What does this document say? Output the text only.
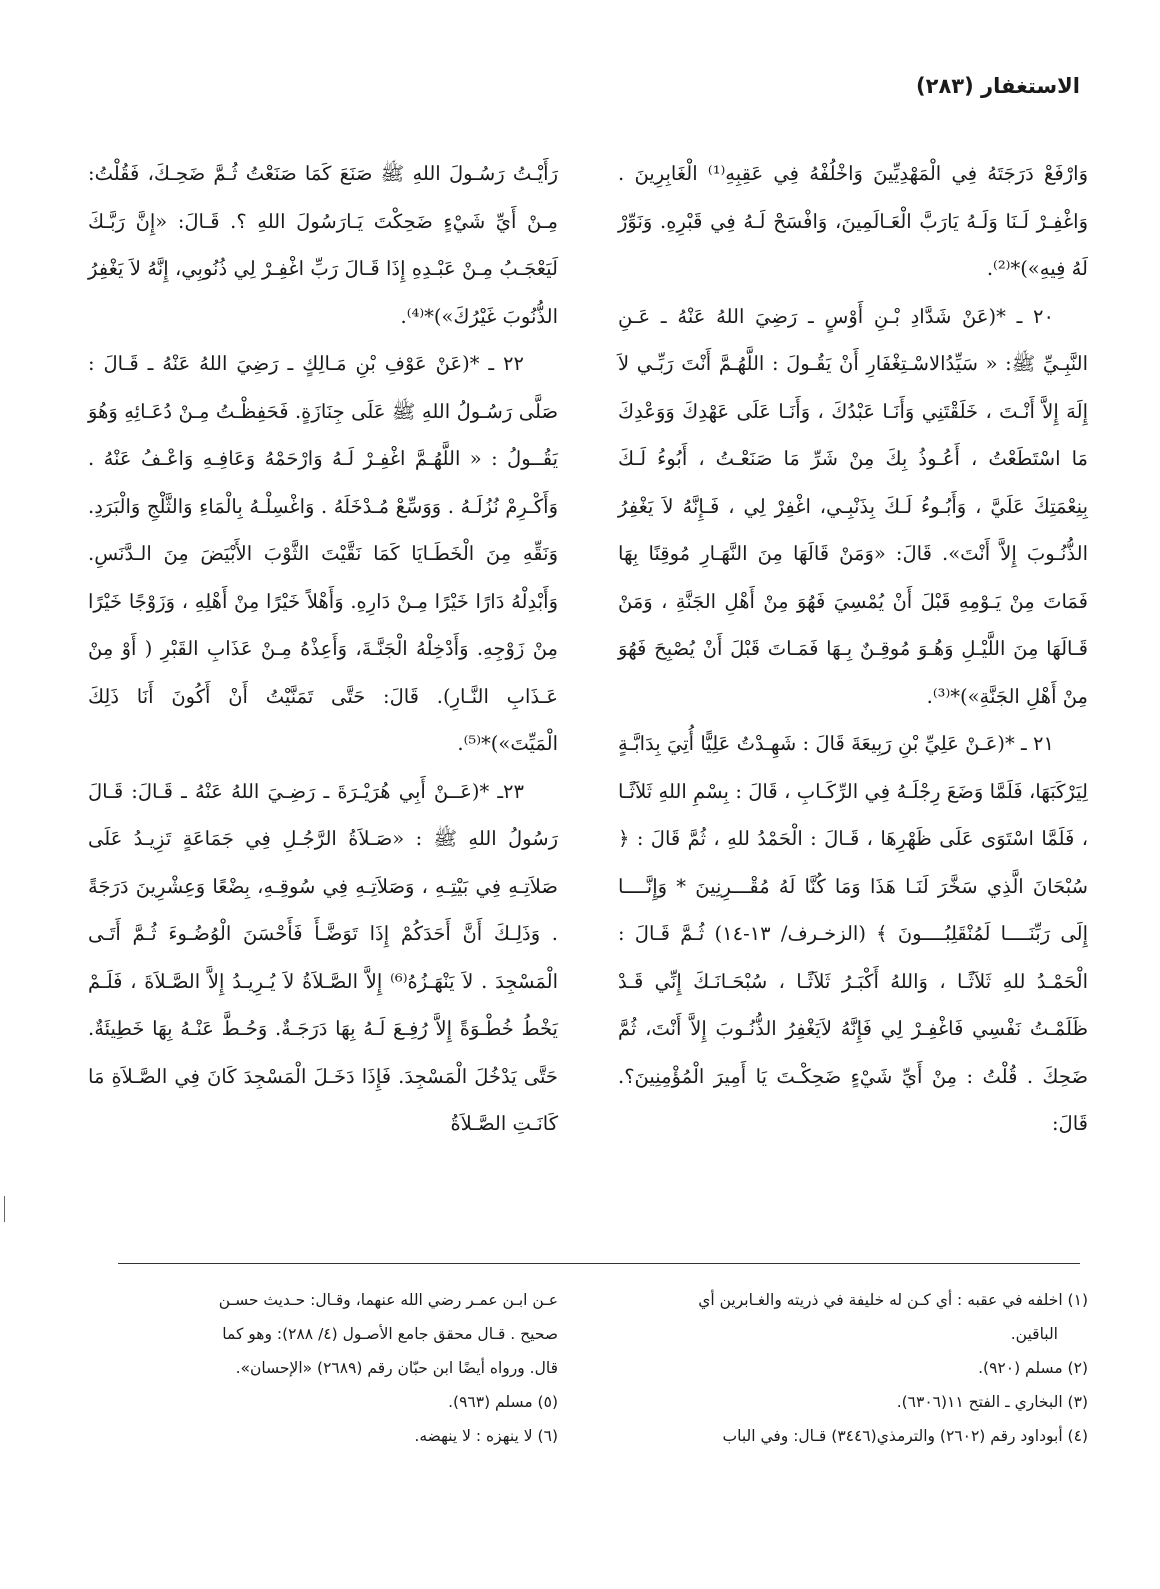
الاستغفار (٢٨٣)

وَارْفَعْ دَرَجَتَهُ فِي الْمَهْدِيِّينَ وَاخْلُفْهُ فِي عَقِبِهِ⁽¹⁾ الْغَابِرِينَ . وَاغْفِـرْ لَـنَا وَلَـهُ يَارَبَّ الْعَـالَمِينَ، وَافْسَحْ لَـهُ فِي قَبْرِهِ. وَنَوِّرْ لَهُ فِيهِ»)*⁽²⁾.

٢٠ ـ *(عَنْ شَدَّادِ بْـنِ أَوْسٍ ـ رَضِيَ اللهُ عَنْهُ ـ عَـنِ النَّبِـيِّ ﷺ: « سَيِّدُالاسْـتِغْفَارِ أَنْ يَقُـولَ : اللَّهُـمَّ أَنْتَ رَبِّـي لاَ إِلَهَ إِلاَّ أَنْـتَ ، خَلَقْتَنِي وَأَنَـا عَبْدُكَ ، وَأَنَـا عَلَى عَهْدِكَ وَوَعْدِكَ مَا اسْتَطَعْتُ ، أَعُـوذُ بِكَ مِنْ شَرِّ مَا صَنَعْـتُ ، أَبُوءُ لَـكَ بِنِعْمَتِكَ عَلَيَّ ، وَأَبُـوءُ لَـكَ بِذَنْبِـي، اغْفِرْ لِي ، فَـإِنَّهُ لاَ يَغْفِرُ الذُّنُـوبَ إِلاَّ أَنْتَ». قَالَ: «وَمَنْ قَالَهَا مِنَ النَّهَـارِ مُوقِنًا بِهَا فَمَاتَ مِنْ يَـوْمِهِ قَبْلَ أَنْ يُمْسِيَ فَهُوَ مِنْ أَهْلِ الجَنَّةِ ، وَمَنْ قَـالَهَا مِنَ اللَّيْـلِ وَهُـوَ مُوقِـنٌ بِـهَا فَمَـاتَ قَبْلَ أَنْ يُصْبِحَ فَهُوَ مِنْ أَهْلِ الجَنَّةِ»)*⁽³⁾.

٢١ ـ *(عَـنْ عَلِيِّ بْنِ رَبِيعَةَ قَالَ : شَهِـدْتُ عَلِيًّا أُتِيَ بِدَابَّـةٍ لِيَرْكَبَهَا، فَلَمَّا وَضَعَ رِجْلَـهُ فِي الرِّكَـابِ ، قَالَ : بِسْمِ اللهِ ثَلاَثًـا ، فَلَمَّا اسْتَوَى عَلَى ظَهْرِهَا ، قَـالَ : الْحَمْدُ للهِ ، ثُمَّ قَالَ : ﴿ سُبْحَانَ الَّذِي سَخَّرَ لَنَـا هَذَا وَمَا كُنَّا لَهُ مُقْـــرِنِينَ * وَإِنَّــــا إِلَى رَبِّنَــــا لَمُنْقَلِبُــــونَ ﴾ (الزخـرف/ ١٣-١٤) ثُـمَّ قَـالَ : الْحَمْـدُ للهِ ثَلاَثًـا ، وَاللهُ أَكْبَـرُ ثَلاَثًـا ، سُبْحَـانَـكَ إِنِّي قَـدْ ظَلَمْـتُ نَفْسِي فَاغْفِـرْ لِي فَإِنَّهُ لاَيَغْفِرُ الذُّنُـوبَ إِلاَّ أَنْتَ، ثُمَّ ضَحِكَ . قُلْتُ : مِنْ أَيِّ شَيْءٍ ضَحِكْـتَ يَا أَمِيرَ الْمُؤْمِنِينَ؟. قَالَ:

رَأَيْـتُ رَسُـولَ اللهِ ﷺ صَنَعَ كَمَا صَنَعْتُ ثُـمَّ ضَحِـكَ، فَقُلْتُ: مِـنْ أَيِّ شَيْءٍ ضَحِكْتَ يَـارَسُولَ اللهِ ؟. قَـالَ: «إِنَّ رَبَّـكَ لَيَعْجَـبُ مِـنْ عَبْـدِهِ إِذَا قَـالَ رَبِّ اغْفِـرْ لِي ذُنُوبِي، إِنَّهُ لاَ يَغْفِرُ الذُّنُوبَ غَيْرُكَ»)*⁽⁴⁾.

٢٢ ـ *(عَنْ عَوْفِ بْنِ مَـالِكٍ ـ رَضِيَ اللهُ عَنْهُ ـ قَـالَ : صَلَّى رَسُـولُ اللهِ ﷺ عَلَى جِنَازَةٍ. فَحَفِظْـتُ مِـنْ دُعَـائِهِ وَهُوَ يَقُــولُ : « اللَّهُـمَّ اغْفِـرْ لَـهُ وَارْحَمْهُ وَعَافِـهِ وَاعْـفُ عَنْهُ . وَأَكْـرِمْ نُزُلَـهُ . وَوَسِّعْ مُـدْخَلَهُ . وَاغْسِلْـهُ بِالْمَاءِ وَالثَّلْجِ وَالْبَرَدِ. وَنَقِّهِ مِنَ الْخَطَـايَا كَمَا نَقَّيْتَ الثَّوْبَ الأَبْيَضَ مِنَ الـدَّنَسِ. وَأَبْدِلْهُ دَارًا خَيْرًا مِـنْ دَارِهِ. وَأَهْلاً خَيْرًا مِنْ أَهْلِهِ ، وَزَوْجًا خَيْرًا مِنْ زَوْجِهِ. وَأَدْخِلْهُ الْجَنَّـةَ، وَأَعِذْهُ مِـنْ عَذَابِ القَبْرِ ( أَوْ مِنْ عَـذَابِ النَّـارِ). قَالَ: حَتَّى تَمَنَّيْتُ أَنْ أَكُونَ أَنَا ذَلِكَ الْمَيِّتَ»)*⁽⁵⁾.

٢٣ـ *(عَــنْ أَبِي هُرَيْـرَةَ ـ رَضِـيَ اللهُ عَنْهُ ـ قَـالَ: قَـالَ رَسُولُ اللهِ ﷺ : «صَـلاَةُ الرَّجُـلِ فِي جَمَاعَةٍ تَزِيـدُ عَلَى صَلاَتِـهِ فِي بَيْتِـهِ ، وَصَلاَتِـهِ فِي سُوقِـهِ، بِضْعًا وَعِشْرِينَ دَرَجَةً . وَذَلِـكَ أَنَّ أَحَدَكُمْ إِذَا تَوَضَّـأَ فَأَحْسَنَ الْوُضُـوءَ ثُـمَّ أَتَـى الْمَسْجِدَ . لاَ يَنْهَـزُهُ⁽⁶⁾ إِلاَّ الصَّـلاَةُ لاَ يُـرِيـدُ إِلاَّ الصَّـلاَةَ ، فَلَـمْ يَخْطُ خُطْـوَةً إِلاَّ رُفِـعَ لَـهُ بِهَا دَرَجَـةٌ. وَحُـطَّ عَنْـهُ بِهَا خَطِيئَةٌ. حَتَّى يَدْخُلَ الْمَسْجِدَ. فَإِذَا دَخَـلَ الْمَسْجِدَ كَانَ فِي الصَّـلاَةِ مَا كَانَـتِ الصَّـلاَةُ

(١) اخلفه في عقبه : أي كـن له خليفة في ذريته والغـابرين أي

الباقين.

(٢) مسلم (٩٢٠).

(٣) البخاري ـ الفتح ١١(٦٣٠٦).

(٤) أبوداود رقم (٢٦٠٢) والترمذي(٣٤٤٦) قـال: وفي الباب

عـن ابـن عمـر رضي الله عنهما، وقـال: حـديث حسـن

صحيح . قـال محقق جامع الأصـول (٤/ ٢٨٨): وهو كما

قال. ورواه أيضًا ابن حبّان رقم (٢٦٨٩) «الإحسان».

(٥) مسلم (٩٦٣).

(٦) لا ينهزه : لا ينهضه.
